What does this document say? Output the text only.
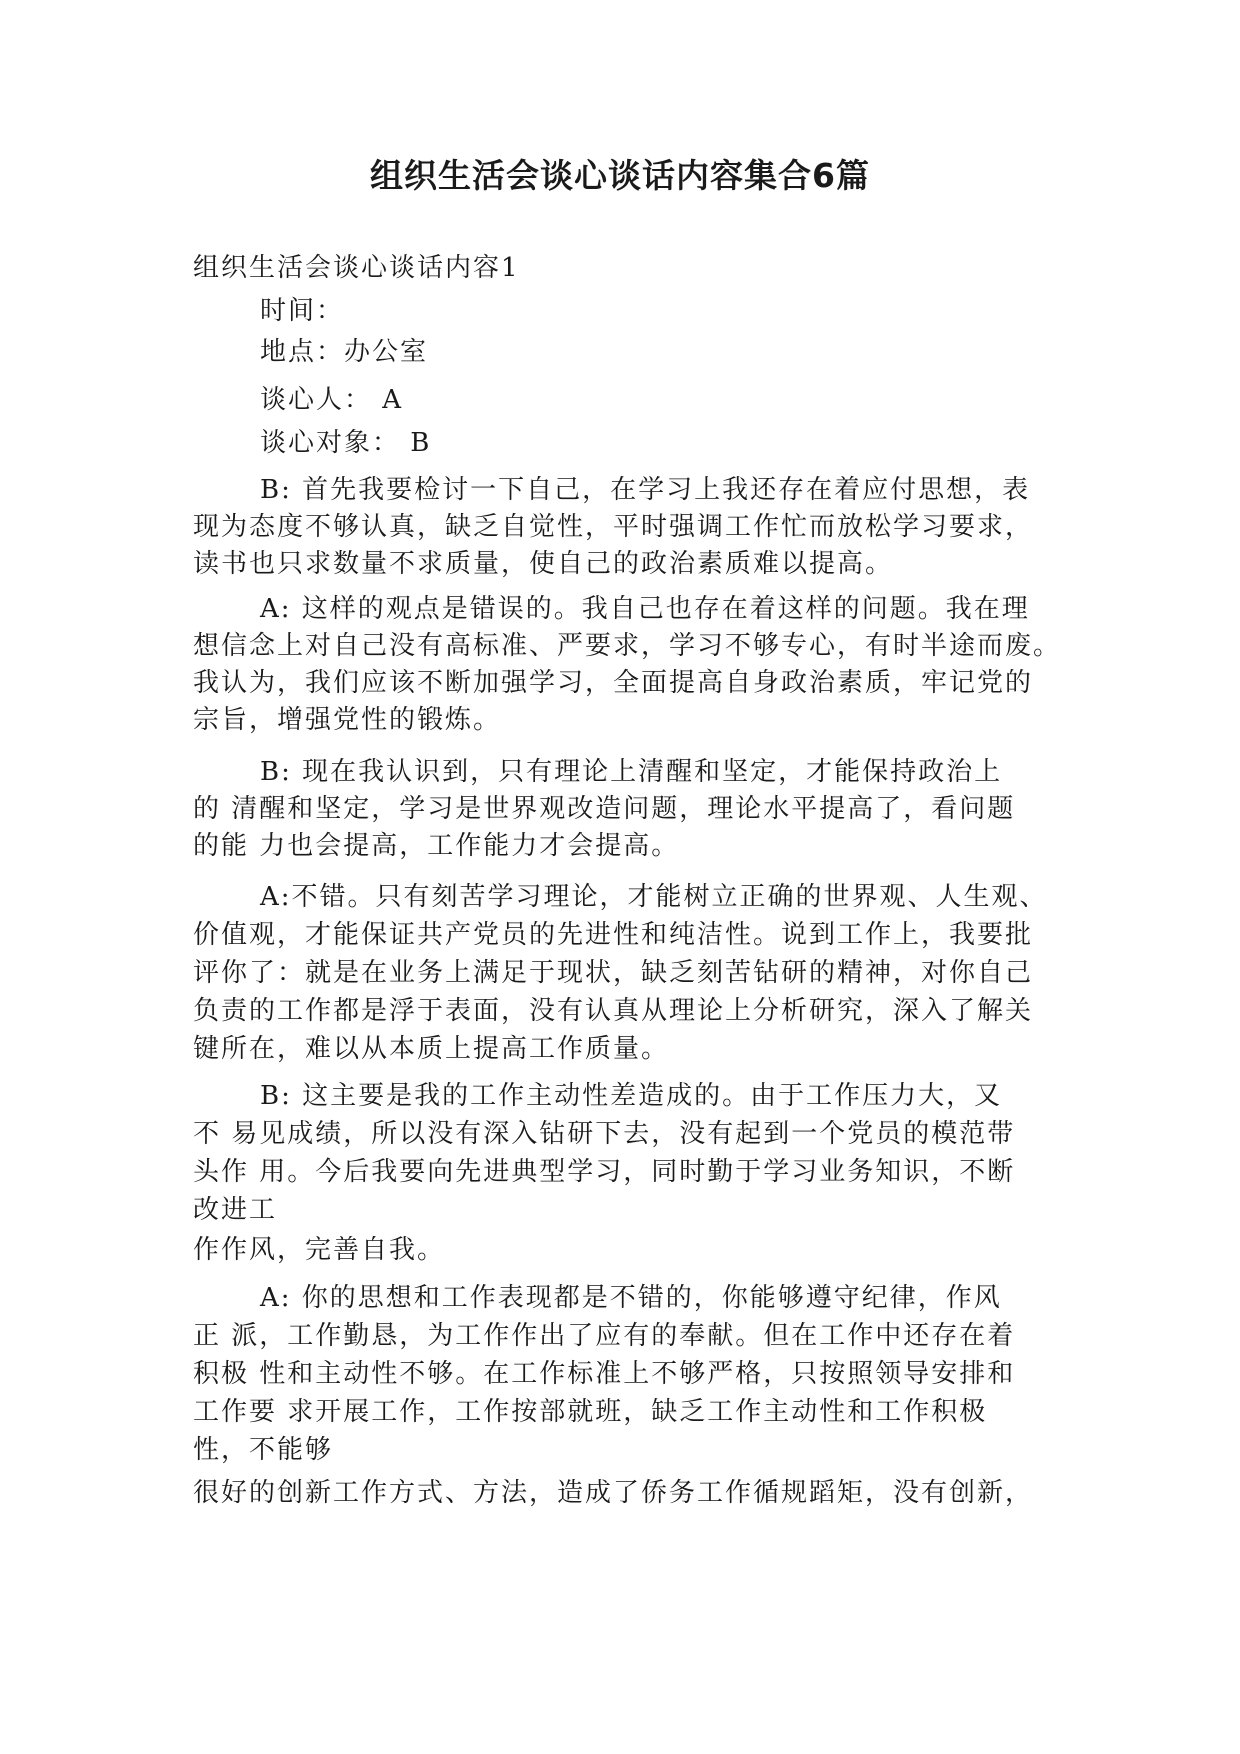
组织生活会谈心谈话内容集合6篇
组织生活会谈心谈话内容1
时间：
地点：办公室
谈心人： A
谈心对象： B
B: 首先我要检讨一下自己，在学习上我还存在着应付思想，表
现为态度不够认真，缺乏自觉性，平时强调工作忙而放松学习要求，
读书也只求数量不求质量，使自己的政治素质难以提高。
A: 这样的观点是错误的。我自己也存在着这样的问题。我在理
想信念上对自己没有高标准、严要求，学习不够专心，有时半途而废。
我认为，我们应该不断加强学习，全面提高自身政治素质，牢记党的
宗旨，增强党性的锻炼。
B: 现在我认识到，只有理论上清醒和坚定，才能保持政治上
的 清醒和坚定，学习是世界观改造问题，理论水平提高了，看问题
的能 力也会提高，工作能力才会提高。
A:不错。只有刻苦学习理论，才能树立正确的世界观、人生观、
价值观，才能保证共产党员的先进性和纯洁性。说到工作上，我要批
评你了：就是在业务上满足于现状，缺乏刻苦钻研的精神，对你自己
负责的工作都是浮于表面，没有认真从理论上分析研究，深入了解关
键所在，难以从本质上提高工作质量。
B: 这主要是我的工作主动性差造成的。由于工作压力大，又
不 易见成绩，所以没有深入钻研下去，没有起到一个党员的模范带
头作 用。今后我要向先进典型学习，同时勤于学习业务知识，不断
改进工
作作风，完善自我。
A: 你的思想和工作表现都是不错的，你能够遵守纪律，作风
正 派，工作勤恳，为工作作出了应有的奉献。但在工作中还存在着
积极 性和主动性不够。在工作标准上不够严格，只按照领导安排和
工作要 求开展工作，工作按部就班，缺乏工作主动性和工作积极
性，不能够
很好的创新工作方式、方法，造成了侨务工作循规蹈矩，没有创新，
